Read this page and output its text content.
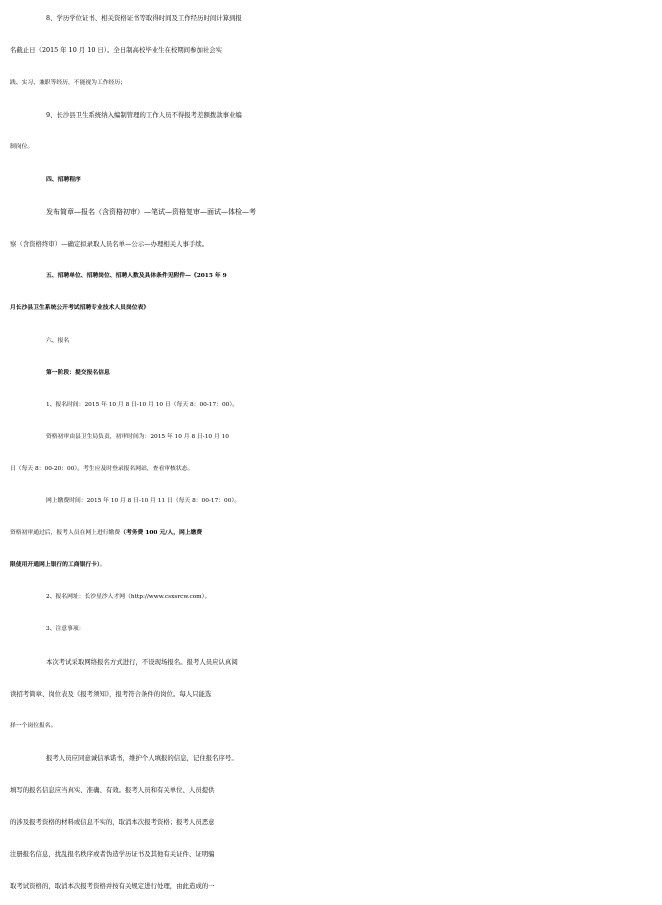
8、学历学位证书、相关资格证书等取得时间及工作经历时间计算到报
名截止日（2015 年 10 月 10 日）。全日制高校毕业生在校期间参加社会实
践、实习、兼职等经历，不能视为工作经历；
9、长沙县卫生系统纳入编制管理的工作人员不得报考差额拨款事业编
制岗位。
四、招聘程序
发布简章—报名（含资格初审）—笔试—资格复审—面试—体检—考
察（含资格终审）—确定拟录取人员名单—公示—办理相关人事手续。
五、招聘单位、招聘岗位、招聘人数及具体条件见附件—《2015 年 9
月长沙县卫生系统公开考试招聘专业技术人员岗位表》
六、报名
第一阶段：提交报名信息
1、报名时间：2015 年 10 月 8 日-10 月 10 日（每天 8：00-17：00）。
资格初审由县卫生局负责，初审时间为：2015 年 10 月 8 日-10 月 10
日（每天 8：00-20：00）。考生应及时登录报名网站，查看审核状态。
网上缴费时间：2015 年 10 月 8 日-10 月 11 日（每天 8：00-17：00）。
资格初审通过后，报考人员在网上进行缴费（考务费 100 元/人，网上缴费
限使用开通网上银行的工商银行卡）。
2、报名网址：长沙星沙人才网（http://www.csxsrcw.com）。
3、注意事项：
本次考试采取网络报名方式进行，不设现场报名。报考人员应认真阅
读招考简章、岗位表及《报考须知》，报考符合条件的岗位。每人只能选
择一个岗位报名。
报考人员应同意诚信承诺书，维护个人填报的信息，记住报名序号。
填写的报名信息应当真实、准确、有效。报考人员和有关单位、人员提供
的涉及报考资格的材料或信息不实的，取消本次报考资格；报考人员恶意
注册报名信息，扰乱报名秩序或者伪造学历证书及其他有关证件、证明骗
取考试资格的，取消本次报考资格并按有关规定进行处理，由此造成的一
